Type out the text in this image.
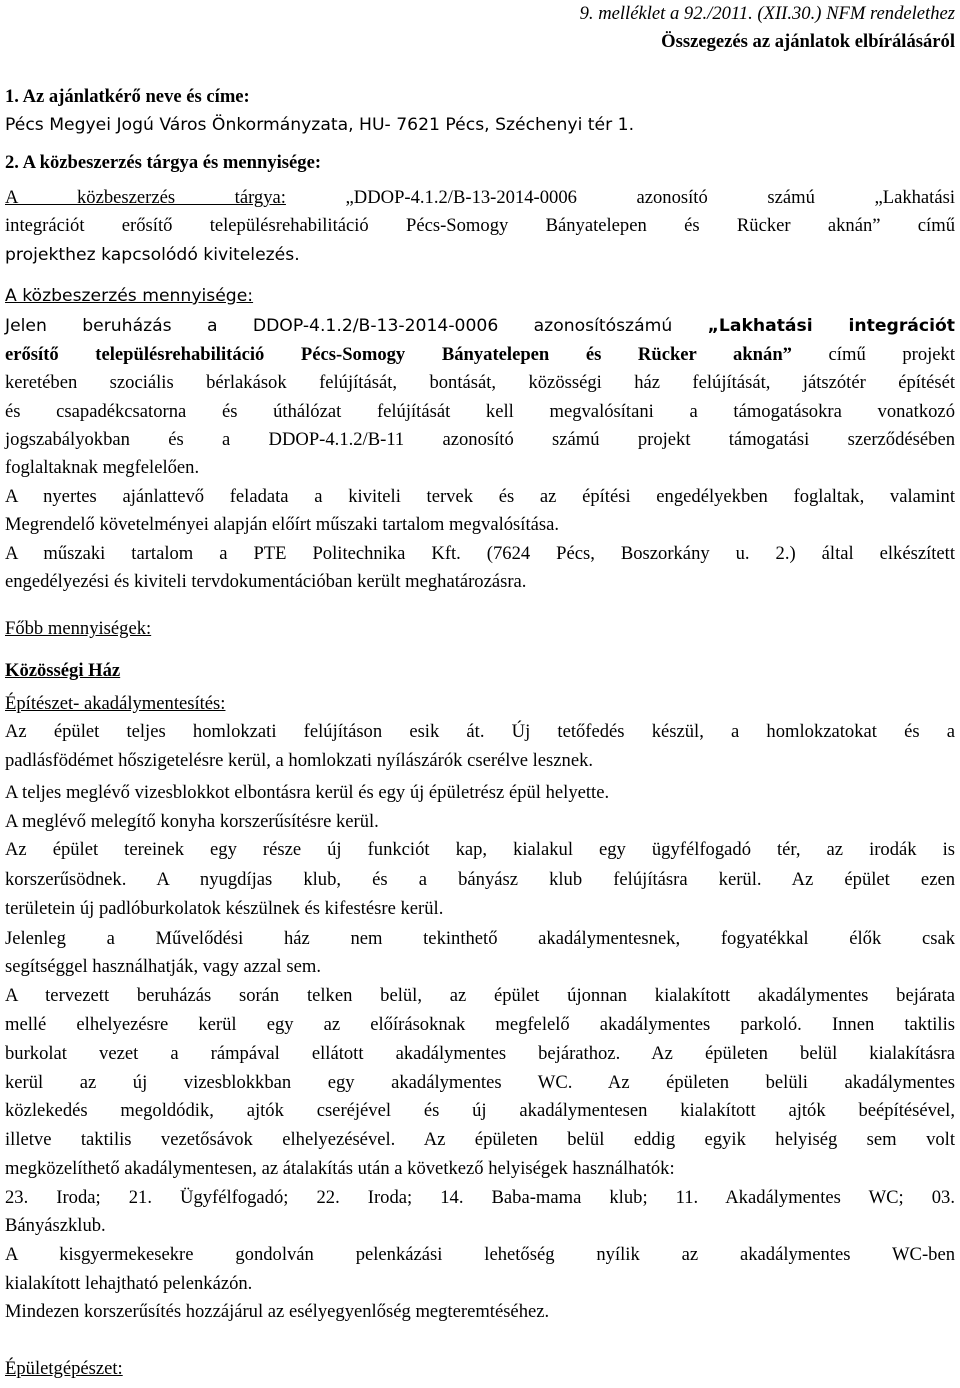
9. melléklet a 92./2011. (XII.30.) NFM rendelethez
Összegezés az ajánlatok elbírálásáról
1. Az ajánlatkérő neve és címe:
Pécs Megyei Jogú Város Önkormányzata, HU- 7621 Pécs, Széchenyi tér 1.
2. A közbeszerzés tárgya és mennyisége:
A közbeszerzés tárgya: „DDOP-4.1.2/B-13-2014-0006 azonosító számú „Lakhatási
integrációt erősítő településrehabilitáció Pécs-Somogy Bányatelepen és Rücker aknán” című
projekthez kapcsolódó kivitelezés.
A közbeszerzés mennyisége:
Jelen beruházás a DDOP-4.1.2/B-13-2014-0006 azonosítószámú „Lakhatási integrációt
erősítő településrehabilitáció Pécs-Somogy Bányatelepen és Rücker aknán” című projekt
keretében szociális bérlakások felújítását, bontását, közösségi ház felújítását, játszótér építését
és csapadékcsatorna és úthálózat felújítását kell megvalósítani a támogatásokra vonatkozó
jogszabályokban és a DDOP-4.1.2/B-11 azonosító számú projekt támogatási szerződésében
foglaltaknak megfelelően.
A nyertes ajánlattevő feladata a kiviteli tervek és az építési engedélyekben foglaltak, valamint
Megrendelő követelményei alapján előírt műszaki tartalom megvalósítása.
A műszaki tartalom a PTE Politechnika Kft. (7624 Pécs, Boszorkány u. 2.) által elkészített
engedélyezési és kiviteli tervdokumentációban került meghatározásra.
Főbb mennyiségek:
Közösségi Ház
Építészet- akadálymentesítés:
Az épület teljes homlokzati felújításon esik át. Új tetőfedés készül, a homlokzatokat és a
padlásfödémet hőszigetelésre kerül, a homlokzati nyílászárók cserélve lesznek.
A teljes meglévő vizesblokkot elbontásra kerül és egy új épületrész épül helyette.
A meglévő melegítő konyha korszerűsítésre kerül.
Az épület tereinek egy része új funkciót kap, kialakul egy ügyfélfogadó tér, az irodák is
korszerűsödnek. A nyugdíjas klub, és a bányász klub felújításra kerül. Az épület ezen
területein új padlóburkolatok készülnek és kifestésre kerül.
Jelenleg a Művelődési ház nem tekinthető akadálymentesnek, fogyatékkal élők csak
segítséggel használhatják, vagy azzal sem.
A tervezett beruházás során telken belül, az épület újonnan kialakított akadálymentes bejárata
mellé elhelyezésre kerül egy az előírásoknak megfelelő akadálymentes parkoló. Innen taktilis
burkolat vezet a rámpával ellátott akadálymentes bejárathoz. Az épületen belül kialakításra
kerül az új vizesblokkban egy akadálymentes WC. Az épületen belüli akadálymentes
közlekedés megoldódik, ajtók cseréjével és új akadálymentesen kialakított ajtók beépítésével,
illetve taktilis vezetősávok elhelyezésével. Az épületen belül eddig egyik helyiség sem volt
megközelíthető akadálymentesen, az átalakítás után a következő helyiségek használhatók:
23. Iroda; 21. Ügyfélfogadó; 22. Iroda; 14. Baba-mama klub; 11. Akadálymentes WC; 03.
Bányászklub.
A kisgyermekesekre gondolván pelenkázási lehetőség nyílik az akadálymentes WC-ben
kialakított lehajtható pelenkázón.
Mindezen korszerűsítés hozzájárul az esélyegyenlőség megteremtéséhez.
Épületgépészet:
